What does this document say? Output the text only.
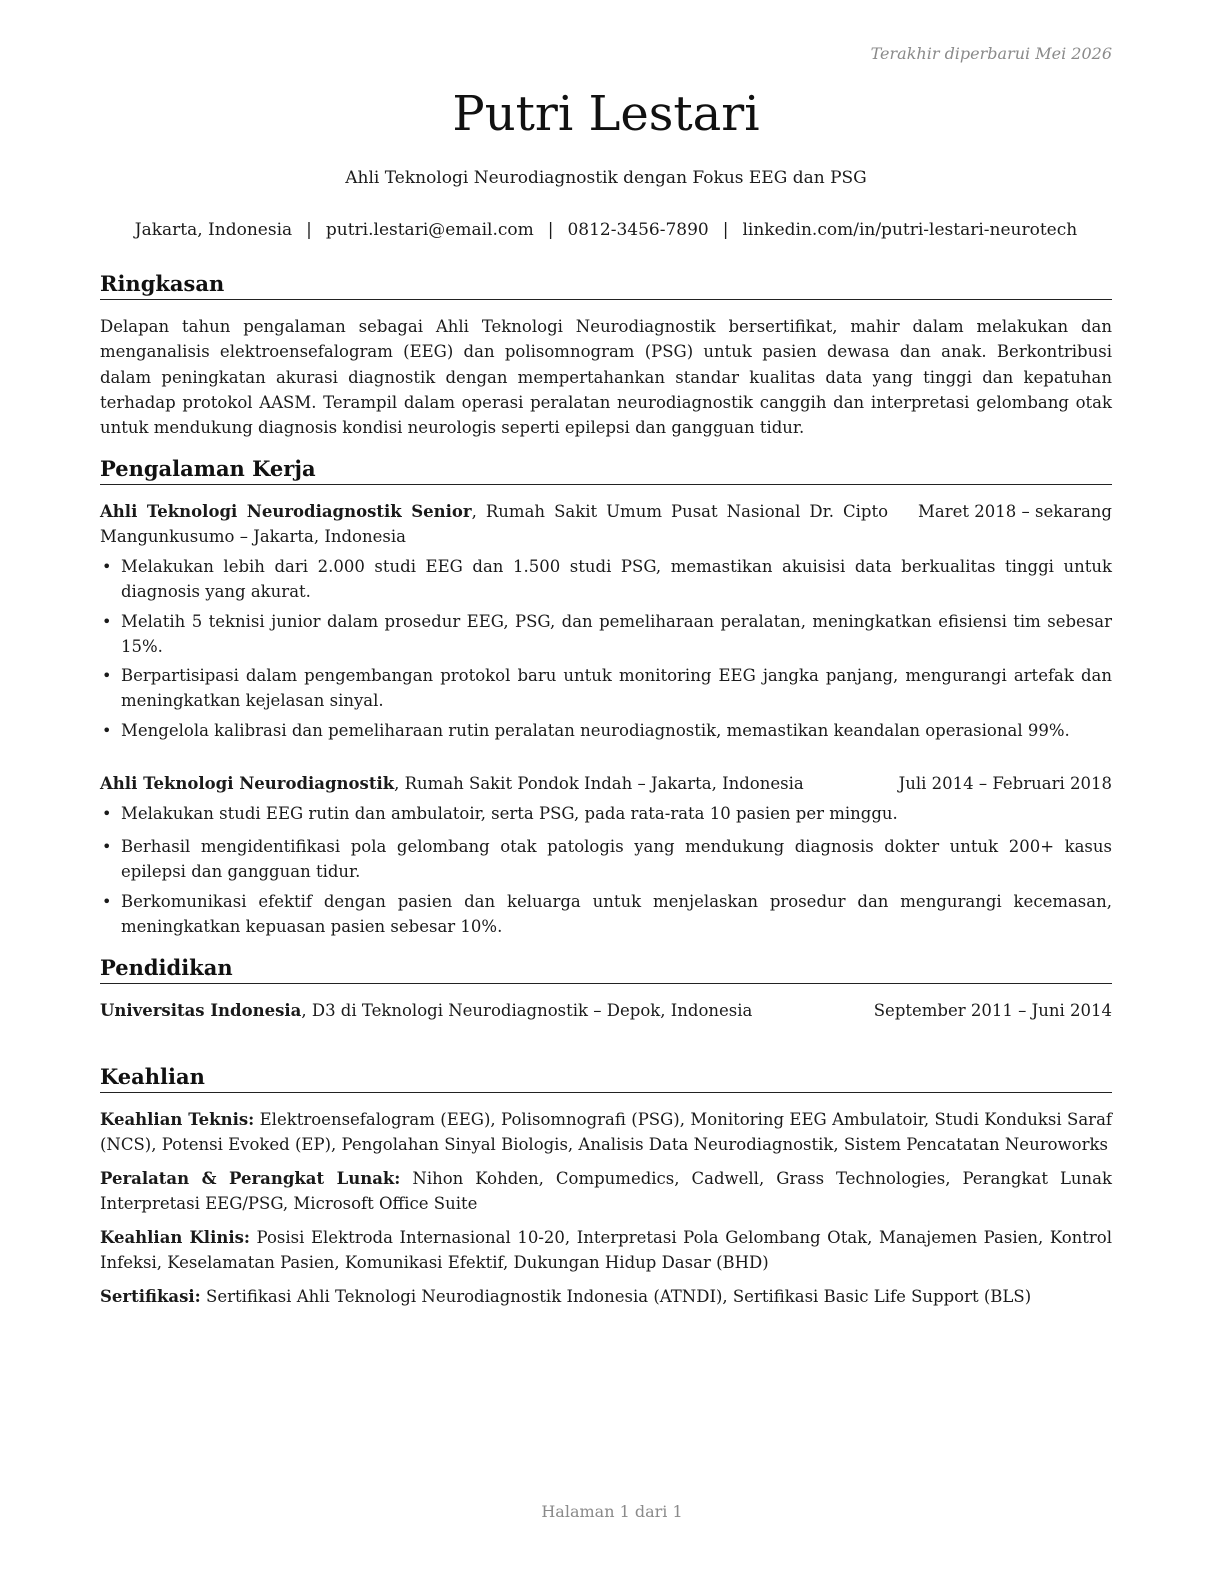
Terakhir diperbarui Mei 2026
Putri Lestari
Ahli Teknologi Neurodiagnostik dengan Fokus EEG dan PSG
Jakarta, Indonesia | putri.lestari@email.com | 0812-3456-7890 | linkedin.com/in/putri-lestari-neurotech
Ringkasan
Delapan tahun pengalaman sebagai Ahli Teknologi Neurodiagnostik bersertifikat, mahir dalam melakukan dan menganalisis elektroensefalogram (EEG) dan polisomnogram (PSG) untuk pasien dewasa dan anak. Berkontribusi dalam peningkatan akurasi diagnostik dengan mempertahankan standar kualitas data yang tinggi dan kepatuhan terhadap protokol AASM. Terampil dalam operasi peralatan neurodiagnostik canggih dan interpretasi gelombang otak untuk mendukung diagnosis kondisi neurologis seperti epilepsi dan gangguan tidur.
Pengalaman Kerja
Ahli Teknologi Neurodiagnostik Senior, Rumah Sakit Umum Pusat Nasional Dr. Cipto Mangunkusumo – Jakarta, Indonesia
Maret 2018 – sekarang
• Melakukan lebih dari 2.000 studi EEG dan 1.500 studi PSG, memastikan akuisisi data berkualitas tinggi untuk diagnosis yang akurat.
• Melatih 5 teknisi junior dalam prosedur EEG, PSG, dan pemeliharaan peralatan, meningkatkan efisiensi tim sebesar 15%.
• Berpartisipasi dalam pengembangan protokol baru untuk monitoring EEG jangka panjang, mengurangi artefak dan meningkatkan kejelasan sinyal.
• Mengelola kalibrasi dan pemeliharaan rutin peralatan neurodiagnostik, memastikan keandalan operasional 99%.
Ahli Teknologi Neurodiagnostik, Rumah Sakit Pondok Indah – Jakarta, Indonesia	Juli 2014 – Februari 2018
• Melakukan studi EEG rutin dan ambulatoir, serta PSG, pada rata-rata 10 pasien per minggu.
• Berhasil mengidentifikasi pola gelombang otak patologis yang mendukung diagnosis dokter untuk 200+ kasus epilepsi dan gangguan tidur.
• Berkomunikasi efektif dengan pasien dan keluarga untuk menjelaskan prosedur dan mengurangi kecemasan, meningkatkan kepuasan pasien sebesar 10%.
Pendidikan
Universitas Indonesia, D3 di Teknologi Neurodiagnostik – Depok, Indonesia	September 2011 – Juni 2014
Keahlian
Keahlian Teknis: Elektroensefalogram (EEG), Polisomnografi (PSG), Monitoring EEG Ambulatoir, Studi Konduksi Saraf (NCS), Potensi Evoked (EP), Pengolahan Sinyal Biologis, Analisis Data Neurodiagnostik, Sistem Pencatatan Neuroworks
Peralatan & Perangkat Lunak: Nihon Kohden, Compumedics, Cadwell, Grass Technologies, Perangkat Lunak Interpretasi EEG/PSG, Microsoft Office Suite
Keahlian Klinis: Posisi Elektroda Internasional 10-20, Interpretasi Pola Gelombang Otak, Manajemen Pasien, Kontrol Infeksi, Keselamatan Pasien, Komunikasi Efektif, Dukungan Hidup Dasar (BHD)
Sertifikasi: Sertifikasi Ahli Teknologi Neurodiagnostik Indonesia (ATNDI), Sertifikasi Basic Life Support (BLS)
Halaman 1 dari 1
